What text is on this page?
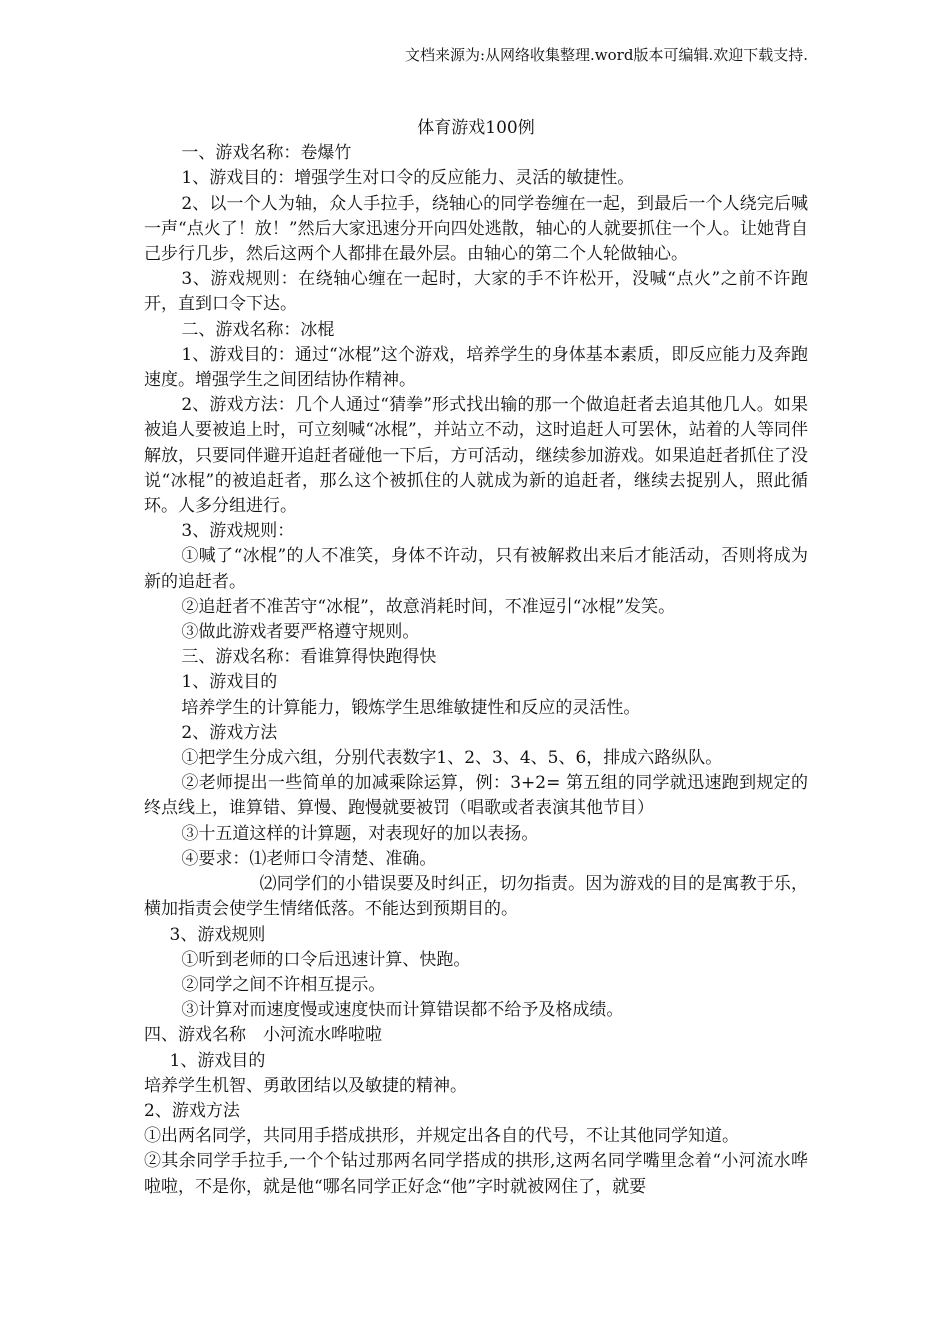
文档来源为:从网络收集整理.word版本可编辑.欢迎下载支持.

体育游戏100例

一、游戏名称：卷爆竹

1、游戏目的：增强学生对口令的反应能力、灵活的敏捷性。

2、以一个人为轴，众人手拉手，绕轴心的同学卷缠在一起，到最后一个人绕完后喊一声“点火了！放！”然后大家迅速分开向四处逃散，轴心的人就要抓住一个人。让她背自己步行几步，然后这两个人都排在最外层。由轴心的第二个人轮做轴心。

3、游戏规则：在绕轴心缠在一起时，大家的手不许松开，没喊“点火”之前不许跑开，直到口令下达。

二、游戏名称：冰棍

1、游戏目的：通过“冰棍”这个游戏，培养学生的身体基本素质，即反应能力及奔跑速度。增强学生之间团结协作精神。

2、游戏方法：几个人通过“猜拳”形式找出输的那一个做追赶者去追其他几人。如果被追人要被追上时，可立刻喊“冰棍”，并站立不动，这时追赶人可罢休，站着的人等同伴解放，只要同伴避开追赶者碰他一下后，方可活动，继续参加游戏。如果追赶者抓住了没说“冰棍”的被追赶者，那么这个被抓住的人就成为新的追赶者，继续去捉别人，照此循环。人多分组进行。

3、游戏规则：

①喊了“冰棍”的人不准笑，身体不许动，只有被解救出来后才能活动，否则将成为新的追赶者。

②追赶者不准苦守“冰棍”，故意消耗时间，不准逗引“冰棍”发笑。

③做此游戏者要严格遵守规则。

三、游戏名称：看谁算得快跑得快

1、游戏目的

培养学生的计算能力，锻炼学生思维敏捷性和反应的灵活性。

2、游戏方法

①把学生分成六组，分别代表数字1、2、3、4、5、6，排成六路纵队。

②老师提出一些简单的加减乘除运算，例：3+2= 第五组的同学就迅速跑到规定的终点线上，谁算错、算慢、跑慢就要被罚（唱歌或者表演其他节目）

③十五道这样的计算题，对表现好的加以表扬。

④要求：⑴老师口令清楚、准确。

⑵同学们的小错误要及时纠正，切勿指责。因为游戏的目的是寓教于乐，横加指责会使学生情绪低落。不能达到预期目的。

3、游戏规则

①听到老师的口令后迅速计算、快跑。

②同学之间不许相互提示。

③计算对而速度慢或速度快而计算错误都不给予及格成绩。

四、游戏名称　小河流水哗啦啦

1、游戏目的

培养学生机智、勇敢团结以及敏捷的精神。

2、游戏方法

①出两名同学，共同用手搭成拱形，并规定出各自的代号，不让其他同学知道。

②其余同学手拉手,一个个钻过那两名同学搭成的拱形,这两名同学嘴里念着“小河流水哗啦啦，不是你，就是他“哪名同学正好念“他”字时就被网住了，就要
